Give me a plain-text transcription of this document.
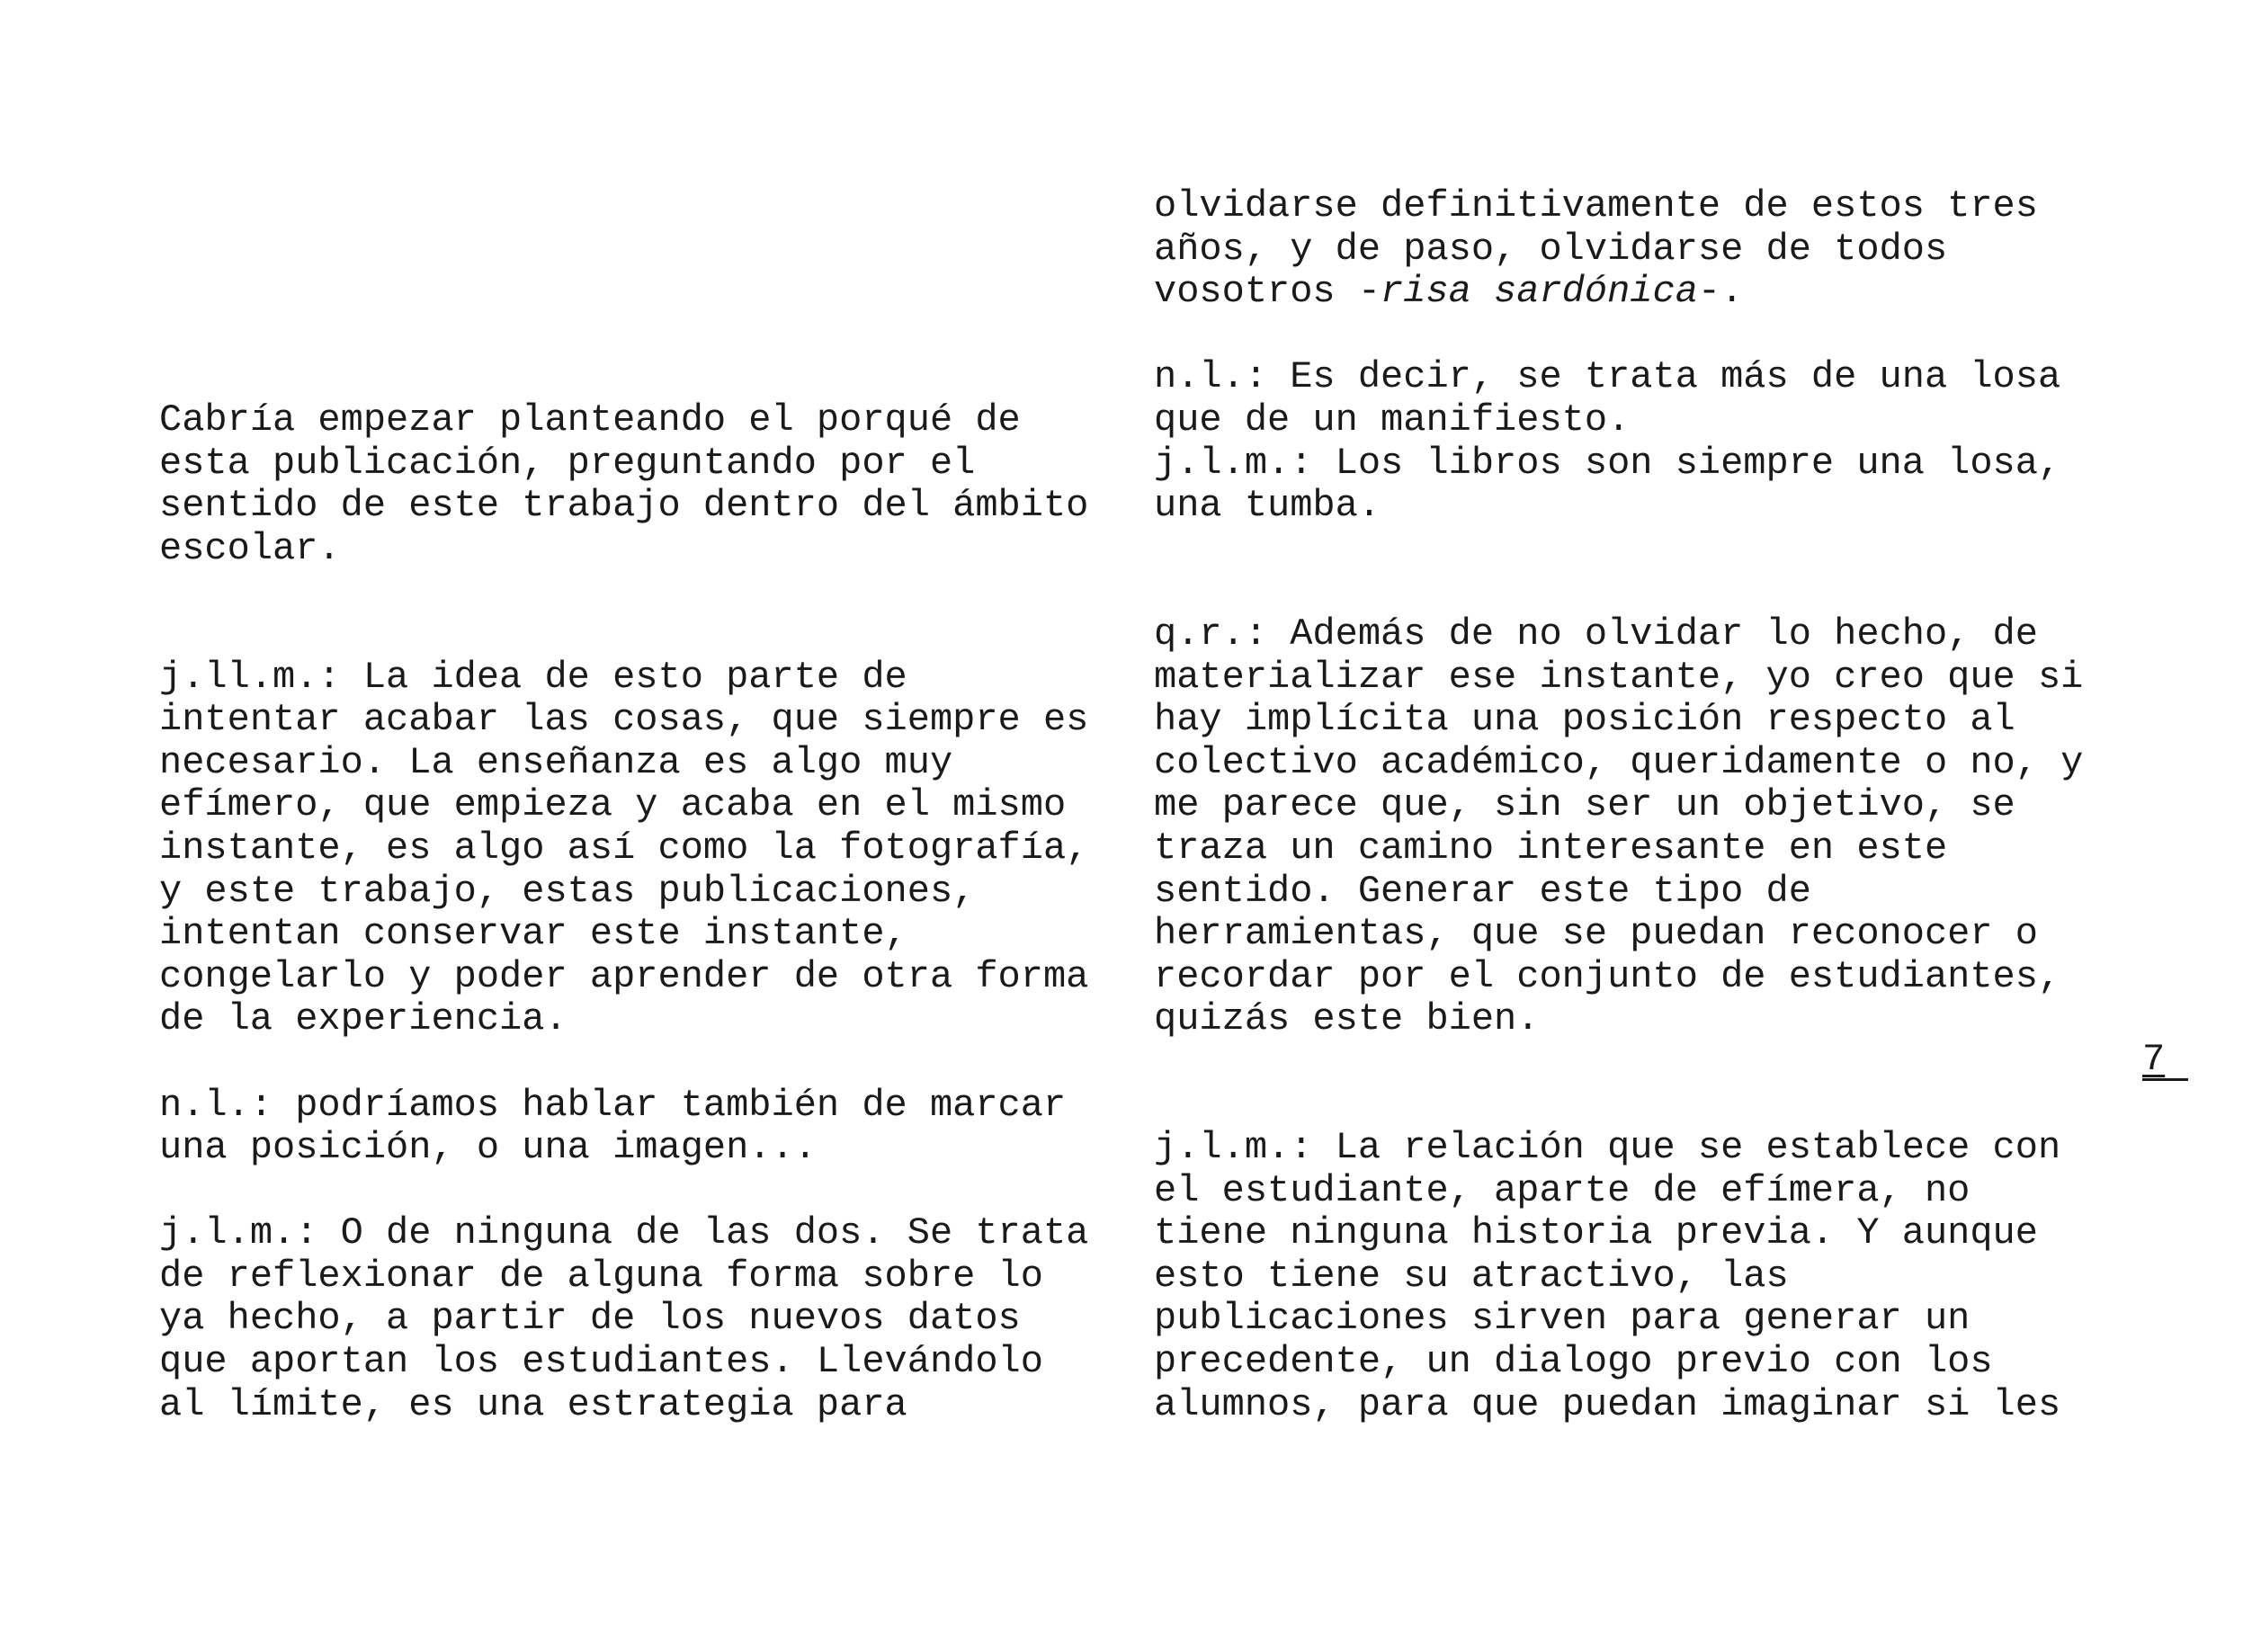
Cabría empezar planteando el porqué de
esta publicación, preguntando por el
sentido de este trabajo dentro del ámbito
escolar.
j.ll.m.: La idea de esto parte de
intentar acabar las cosas, que siempre es
necesario. La enseñanza es algo muy
efímero, que empieza y acaba en el mismo
instante, es algo así como la fotografía,
y este trabajo, estas publicaciones,
intentan conservar este instante,
congelarlo y poder aprender de otra forma
de la experiencia.
n.l.: podríamos hablar también de marcar
una posición, o una imagen...
j.l.m.: O de ninguna de las dos. Se trata
de reflexionar de alguna forma sobre lo
ya hecho, a partir de los nuevos datos
que aportan los estudiantes. Llevándolo
al límite, es una estrategia para
olvidarse definitivamente de estos tres
años, y de paso, olvidarse de todos
vosotros -risa sardónica-.
n.l.: Es decir, se trata más de una losa
que de un manifiesto.
j.l.m.: Los libros son siempre una losa,
una tumba.
q.r.: Además de no olvidar lo hecho, de
materializar ese instante, yo creo que si
hay implícita una posición respecto al
colectivo académico, queridamente o no, y
me parece que, sin ser un objetivo, se
traza un camino interesante en este
sentido. Generar este tipo de
herramientas, que se puedan reconocer o
recordar por el conjunto de estudiantes,
quizás este bien.
j.l.m.: La relación que se establece con
el estudiante, aparte de efímera, no
tiene ninguna historia previa. Y aunque
esto tiene su atractivo, las
publicaciones sirven para generar un
precedente, un dialogo previo con los
alumnos, para que puedan imaginar si les
7
